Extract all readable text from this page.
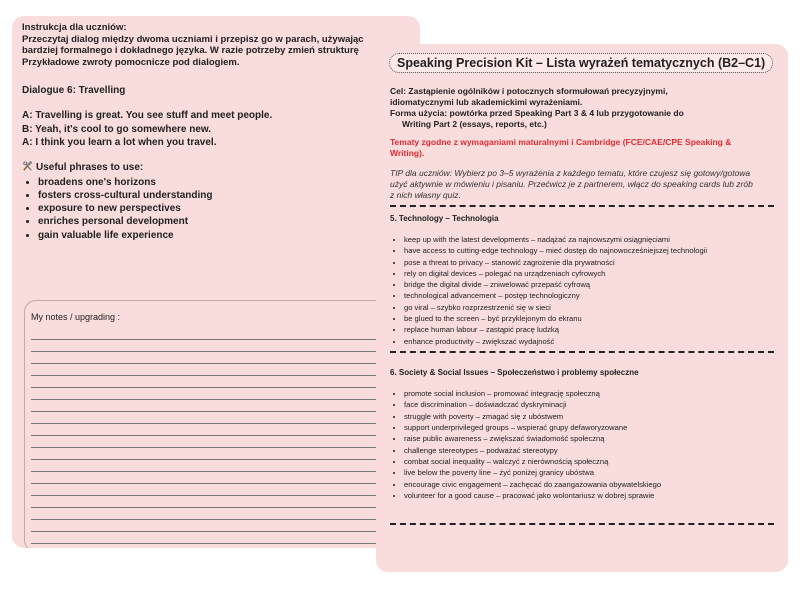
Instrukcja dla uczniów:
Przeczytaj dialog między dwoma uczniami i przepisz go w parach, używając
bardziej formalnego i dokładnego języka. W razie potrzeby zmień strukturę
Przykładowe zwroty pomocnicze pod dialogiem.
Dialogue 6: Travelling
A: Travelling is great. You see stuff and meet people.
B: Yeah, it's cool to go somewhere new.
A: I think you learn a lot when you travel.
Useful phrases to use:
• broadens one's horizons
• fosters cross-cultural understanding
• exposure to new perspectives
• enriches personal development
• gain valuable life experience
My notes / upgrading :
Speaking Precision Kit – Lista wyrażeń tematycznych (B2–C1)
Cel: Zastąpienie ogólników i potocznych sformułowań precyzyjnymi,
idiomatycznymi lub akademickimi wyrażeniami.
Forma użycia: powtórka przed Speaking Part 3 & 4 lub przygotowanie do
Writing Part 2 (essays, reports, etc.)
Tematy zgodne z wymaganiami maturalnymi i Cambridge (FCE/CAE/CPE Speaking &
Writing).
TIP dla uczniów: Wybierz po 3–5 wyrażenia z każdego tematu, które czujesz się gotowy/gotowa
użyć aktywnie w mówieniu i pisaniu. Przećwicz je z partnerem, włącz do speaking cards lub zrób
z nich własny quiz.
5. Technology – Technologia
• keep up with the latest developments – nadążać za najnowszymi osiągnięciami
• have access to cutting-edge technology – mieć dostęp do najnowocześniejszej technologii
• pose a threat to privacy – stanowić zagrożenie dla prywatności
• rely on digital devices – polegać na urządzeniach cyfrowych
• bridge the digital divide – zniwelować przepaść cyfrową
• technological advancement – postęp technologiczny
• go viral – szybko rozprzestrzenić się w sieci
• be glued to the screen – być przyklejonym do ekranu
• replace human labour – zastąpić pracę ludzką
• enhance productivity – zwiększać wydajność
6. Society & Social Issues – Społeczeństwo i problemy społeczne
• promote social inclusion – promować integrację społeczną
• face discrimination – doświadczać dyskryminacji
• struggle with poverty – zmagać się z ubóstwem
• support underprivileged groups – wspierać grupy defaworyzowane
• raise public awareness – zwiększać świadomość społeczną
• challenge stereotypes – podważać stereotypy
• combat social inequality – walczyć z nierównością społeczną
• live below the poverty line – żyć poniżej granicy ubóstwa
• encourage civic engagement – zachęcać do zaangażowania obywatelskiego
• volunteer for a good cause – pracować jako wolontariusz w dobrej sprawie
